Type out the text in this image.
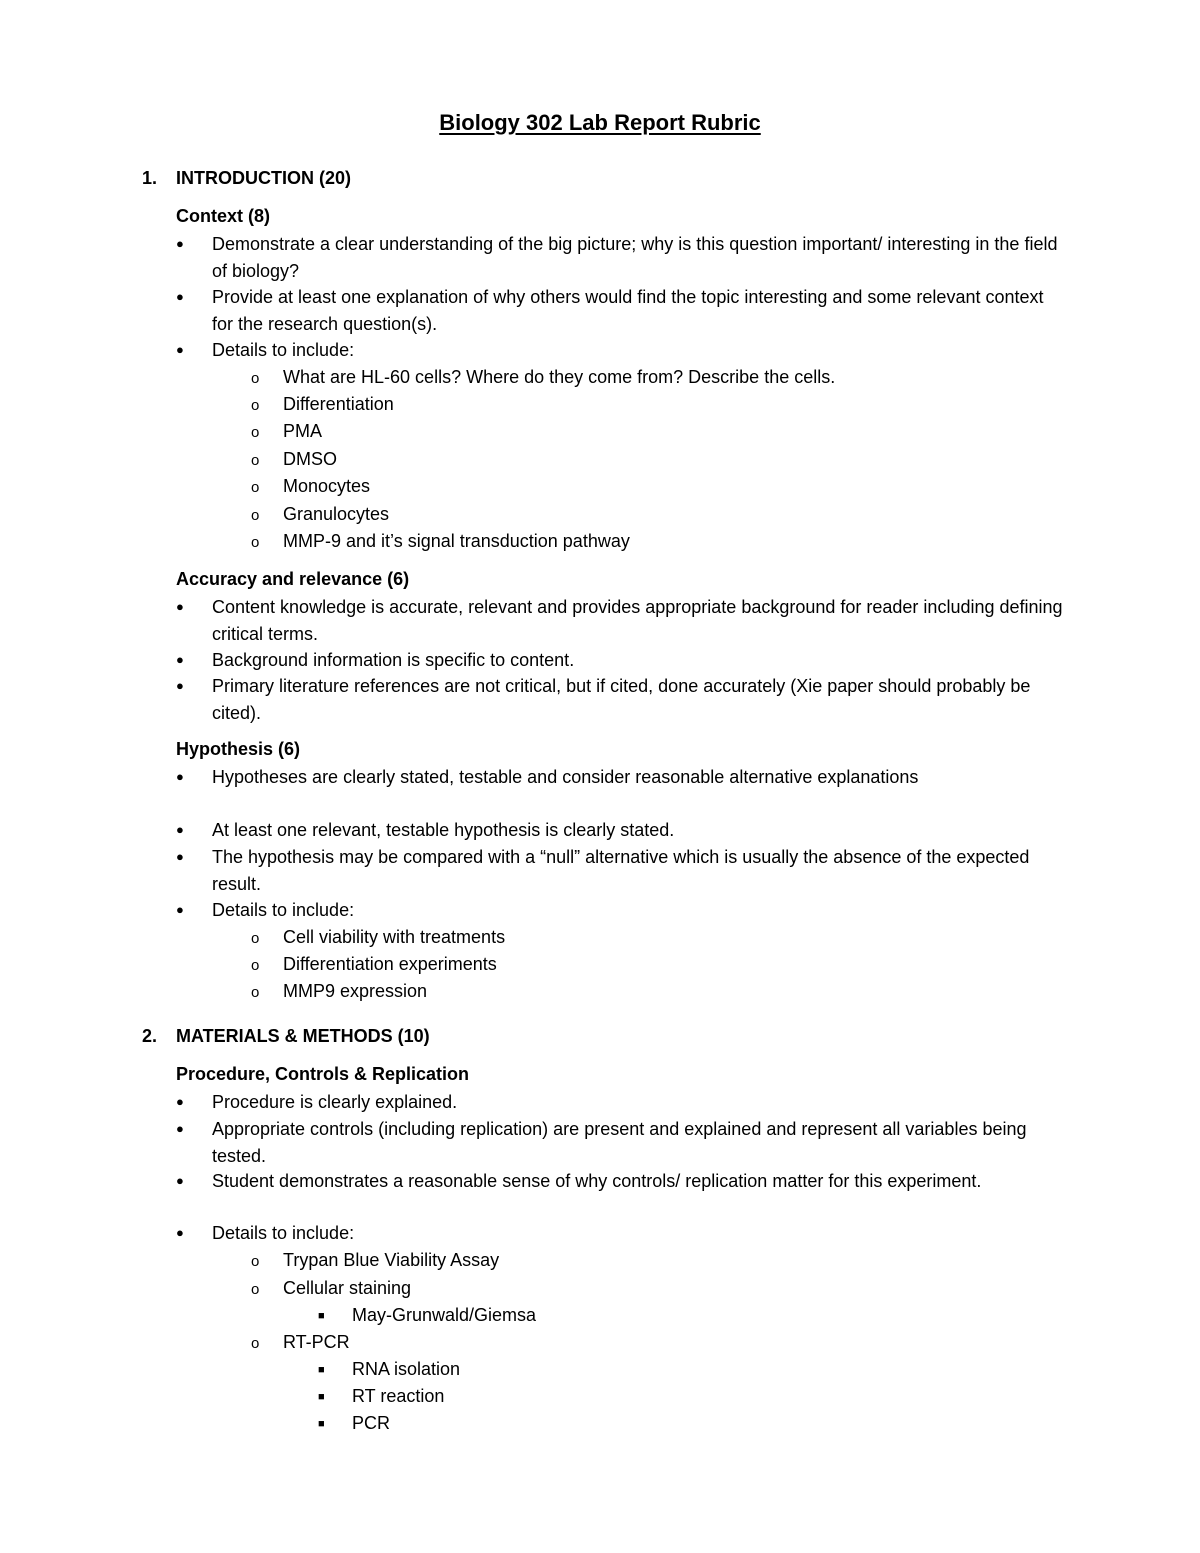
Biology 302 Lab Report Rubric
1. INTRODUCTION (20)
Context (8)
●	Demonstrate a clear understanding of the big picture; why is this question important/ interesting in the field of biology?
●	Provide at least one explanation of why others would find the topic interesting and some relevant context for the research question(s).
●	Details to include:
o What are HL-60 cells? Where do they come from? Describe the cells.
o Differentiation
o PMA
o DMSO
o Monocytes
o Granulocytes
o MMP-9 and it’s signal transduction pathway
Accuracy and relevance (6)
●	Content knowledge is accurate, relevant and provides appropriate background for reader including defining critical terms.
●	Background information is specific to content.
●	Primary literature references are not critical, but if cited, done accurately (Xie paper should probably be cited).
Hypothesis (6)
●	Hypotheses are clearly stated, testable and consider reasonable alternative explanations
●	At least one relevant, testable hypothesis is clearly stated.
●	The hypothesis may be compared with a “null” alternative which is usually the absence of the expected result.
●	Details to include:
o Cell viability with treatments
o Differentiation experiments
o MMP9 expression
2. MATERIALS & METHODS (10)
Procedure, Controls & Replication
●	Procedure is clearly explained.
●	Appropriate controls (including replication) are present and explained and represent all variables being tested.
●	Student demonstrates a reasonable sense of why controls/ replication matter for this experiment.
●	Details to include:
o Trypan Blue Viability Assay
o Cellular staining
■ May-Grunwald/Giemsa
o RT-PCR
■ RNA isolation
■ RT reaction
■ PCR
